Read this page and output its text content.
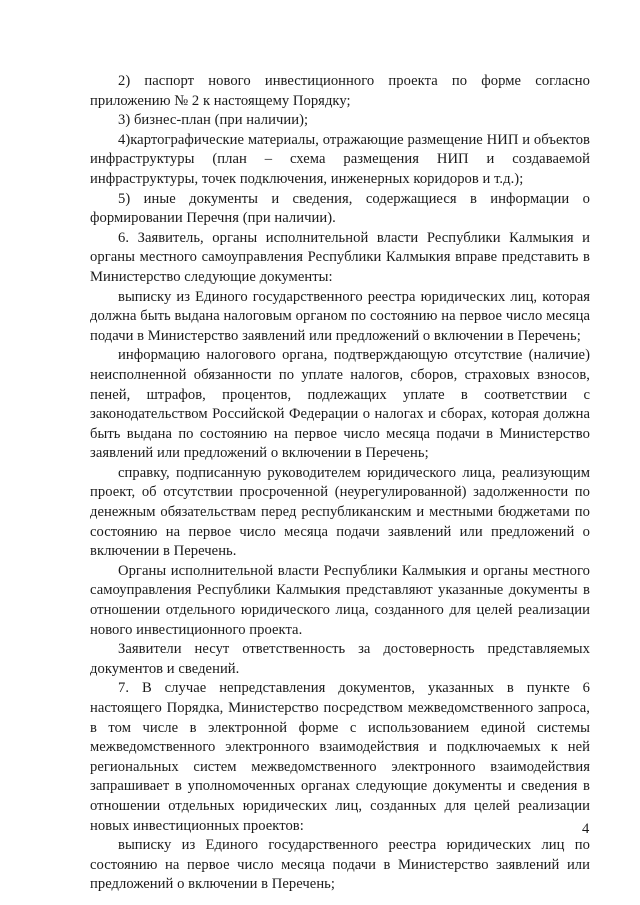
2) паспорт нового инвестиционного проекта по форме согласно приложению № 2 к настоящему Порядку;

3) бизнес-план (при наличии);

4)картографические материалы, отражающие размещение НИП и объектов инфраструктуры (план – схема размещения НИП и создаваемой инфраструктуры, точек подключения, инженерных коридоров и т.д.);

5) иные документы и сведения, содержащиеся в информации о формировании Перечня (при наличии).

6. Заявитель, органы исполнительной власти Республики Калмыкия и органы местного самоуправления Республики Калмыкия вправе представить в Министерство следующие документы:

выписку из Единого государственного реестра юридических лиц, которая должна быть выдана налоговым органом по состоянию на первое число месяца подачи в Министерство заявлений или предложений о включении в Перечень;

информацию налогового органа, подтверждающую отсутствие (наличие) неисполненной обязанности по уплате налогов, сборов, страховых взносов, пеней, штрафов, процентов, подлежащих уплате в соответствии с законодательством Российской Федерации о налогах и сборах, которая должна быть выдана по состоянию на первое число месяца подачи в Министерство заявлений или предложений о включении в Перечень;

справку, подписанную руководителем юридического лица, реализующим проект, об отсутствии просроченной (неурегулированной) задолженности по денежным обязательствам перед республиканским и местными бюджетами по состоянию на первое число месяца подачи заявлений или предложений о включении в Перечень.

Органы исполнительной власти Республики Калмыкия и органы местного самоуправления Республики Калмыкия представляют указанные документы в отношении отдельного юридического лица, созданного для целей реализации нового инвестиционного проекта.

Заявители несут ответственность за достоверность представляемых документов и сведений.

7. В случае непредставления документов, указанных в пункте 6 настоящего Порядка, Министерство посредством межведомственного запроса, в том числе в электронной форме с использованием единой системы межведомственного электронного взаимодействия и подключаемых к ней региональных систем межведомственного электронного взаимодействия запрашивает в уполномоченных органах следующие документы и сведения в отношении отдельных юридических лиц, созданных для целей реализации новых инвестиционных проектов:

выписку из Единого государственного реестра юридических лиц по состоянию на первое число месяца подачи в Министерство заявлений или предложений о включении в Перечень;

4
